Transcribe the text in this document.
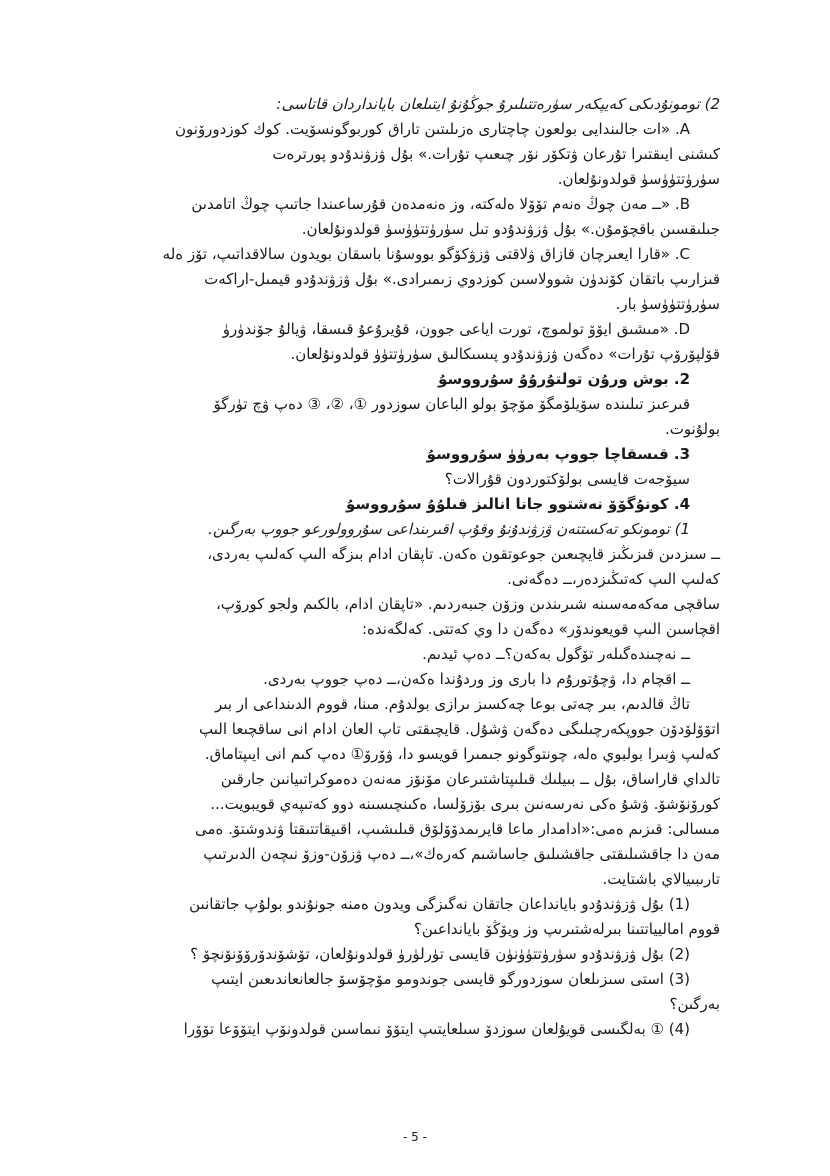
2) تومونۇدىكى كەيپكەر سۈرەتتىلىرۇ جوڭۇنۇ ايتىلعان بايانداردان قاتاسى:

A. «ات جالىندايى بولعون چاچتارى ەزىلىتىن تاراق كوربوگونسۆيت. كوك كوزدورۆنون

كىشنى ايىقتىرا تۇرعان ۋتكۆر نۆر چىعىپ تۇرات.» بۇل ۋزۋندۇدو پورترەت

سۈرۈتتۈۈسۈ قولدونۇلعان.

B. «ــ مەن چوڭ ەنەم تۆۆلا ەلەكتە، وز ەنەمدەن قۇرساعىندا جاتىپ چوڭ اتامدىن

جىلىقسىن باقچۆمۇن.» بۇل ۋزۋندۇدو تىل سۈرۈتتۈۈسۈ قولدونۇلعان.

C. «قارا ايعىرچان قازاق ۋلاقتى ۋزۋكۆگو بووسۇنا باسقان بويدون سالاقداتىپ، تۆز ەلە

قىزارىپ باتقان كۆندۈن شوولاسىن كوزدوي زىمىرادى.» بۇل ۋزۋندۇدو قيمىل-اراكەت

سۈرۈتتۈۈسۈ بار.

D. «مىشىق ايۆۆ تولموچ، تورت اياعى جوون، قۇيرۇعۇ قىسقا، ۋيالۇ جۆندۈرۈ

قۆلپۆرۆپ تۇرات» دەگەن ۋزۋندۇدو پىسىكالىق سۈرۈتتۈۈ قولدونۇلعان.

2. بوش ورۇن تولتۇرۇۇ سۇرووسۇ

قىرعىز تىلىندە سۆيلۆمگۆ مۆچۆ بولو الباعان سوزدور ①، ②، ③ دەپ ۋچ تۈرگۆ

بولۇنوت.

3. قىسقاچا جووپ بەرۈۈ سۇرووسۇ

سيۆجەت قايسى بولۆكتوردون قۇرالات؟

4. كونۇگۆۆ نەشتوو جانا انالىز قىلۇۇ سۇرووسۇ

1) تومونكو تەكستتەن ۋزۋندۇنۇ وقۇپ اقىرىنداعى سۇروولورعو جووپ بەرگىن.

ــ سىزدىن قىزىڭىز قايچىعىن جوعوتقون ەكەن. تاپقان ادام بىزگە الىپ كەلىپ بەردى،

كەلىپ الىپ كەتىڭىزدەر،ــ دەگەنى.

ساقچى مەكەمەسىنە شىرىندىن وزۆن جىبەردىم. «تاپقان ادام، بالكىم ولجو كورۆپ،

اقچاسىن الىپ قويعوندۆر» دەگەن دا وي كەتتى. كەلگەندە:

ــ نەچىندەگىلەر تۆگول بەكەن؟ــ دەپ ئيدىم.

ــ اقچام دا، ۋچۇتورۇم دا بارى وز وردۇندا ەكەن،ــ دەپ جووپ بەردى.

تاڭ قالدىم، بىر چەتى بوعا چەكسىز ىرازى بولدۇم. مىنا، قووم الدىنداعى ار بىر

اتۆۆلۆدۆن جووپكەرچىلىگى دەگەن ۋشۇل. قايچىقتى تاپ العان ادام انى ساقچىعا الىپ

كەلىپ ۋبىرا بولبوي ەلە، چونتوگونو جىمىرا قويسو دا، ۋۆرۆ① دەپ كىم انى ايىپتاماق.

تالداي قاراساق، بۇل ــ بىيلىك قىلىپتاشتىرعان مۆنۆز مەنەن دەموكراتىيانىن جارقىن

كورۆنۆشۆ. ۋشۇ ەكى نەرسەنىن بىرى بۆزۆلسا، ەكىنچىسىنە دوو كەتىپەي قويبويت...

مىسالى: قىزىم ەمى:«ادامدار ماعا قايرىمدۆۆلۆق قىلىشىپ، اقىيقاتتىقتا ۋندوشتۆ. ەمى

مەن دا جاقشىلىقتى جاقشىلىق جاساشىم كەرەك»،ــ دەپ ۋزۆن-وزۆ نىچەن الدىرتىپ

تارىبىيالاي باشتايت.

(1) بۇل ۋزۋندۇدو بايانداعان جاتقان نەگىزگى ويدون ەمنە جونۇندو بولۇپ جاتقانىن

قووم اماليياتتىنا بىرلەشتىرىپ وز ويۆڭۆ بايانداعىن؟

(2) بۇل ۋزۋندۇدو سۈرۈتتۈۈنۈن قايسى تۈرلۈرۈ قولدونۇلعان، تۆشۆندۆرۆۆنۆنچۆ ؟

(3) استى سىزىلعان سوزدورگو قايسى جوندومو مۆچۆسۆ جالعانعاندىعىن ايتىپ

بەرگىن؟

(4) ① بەلگىسى قويۇلعان سوزدۆ سىلعايتىپ ايتۆۆ نىماسىن قولدونۆپ ايتۆۆعا تۆۆرا

- 5 -
